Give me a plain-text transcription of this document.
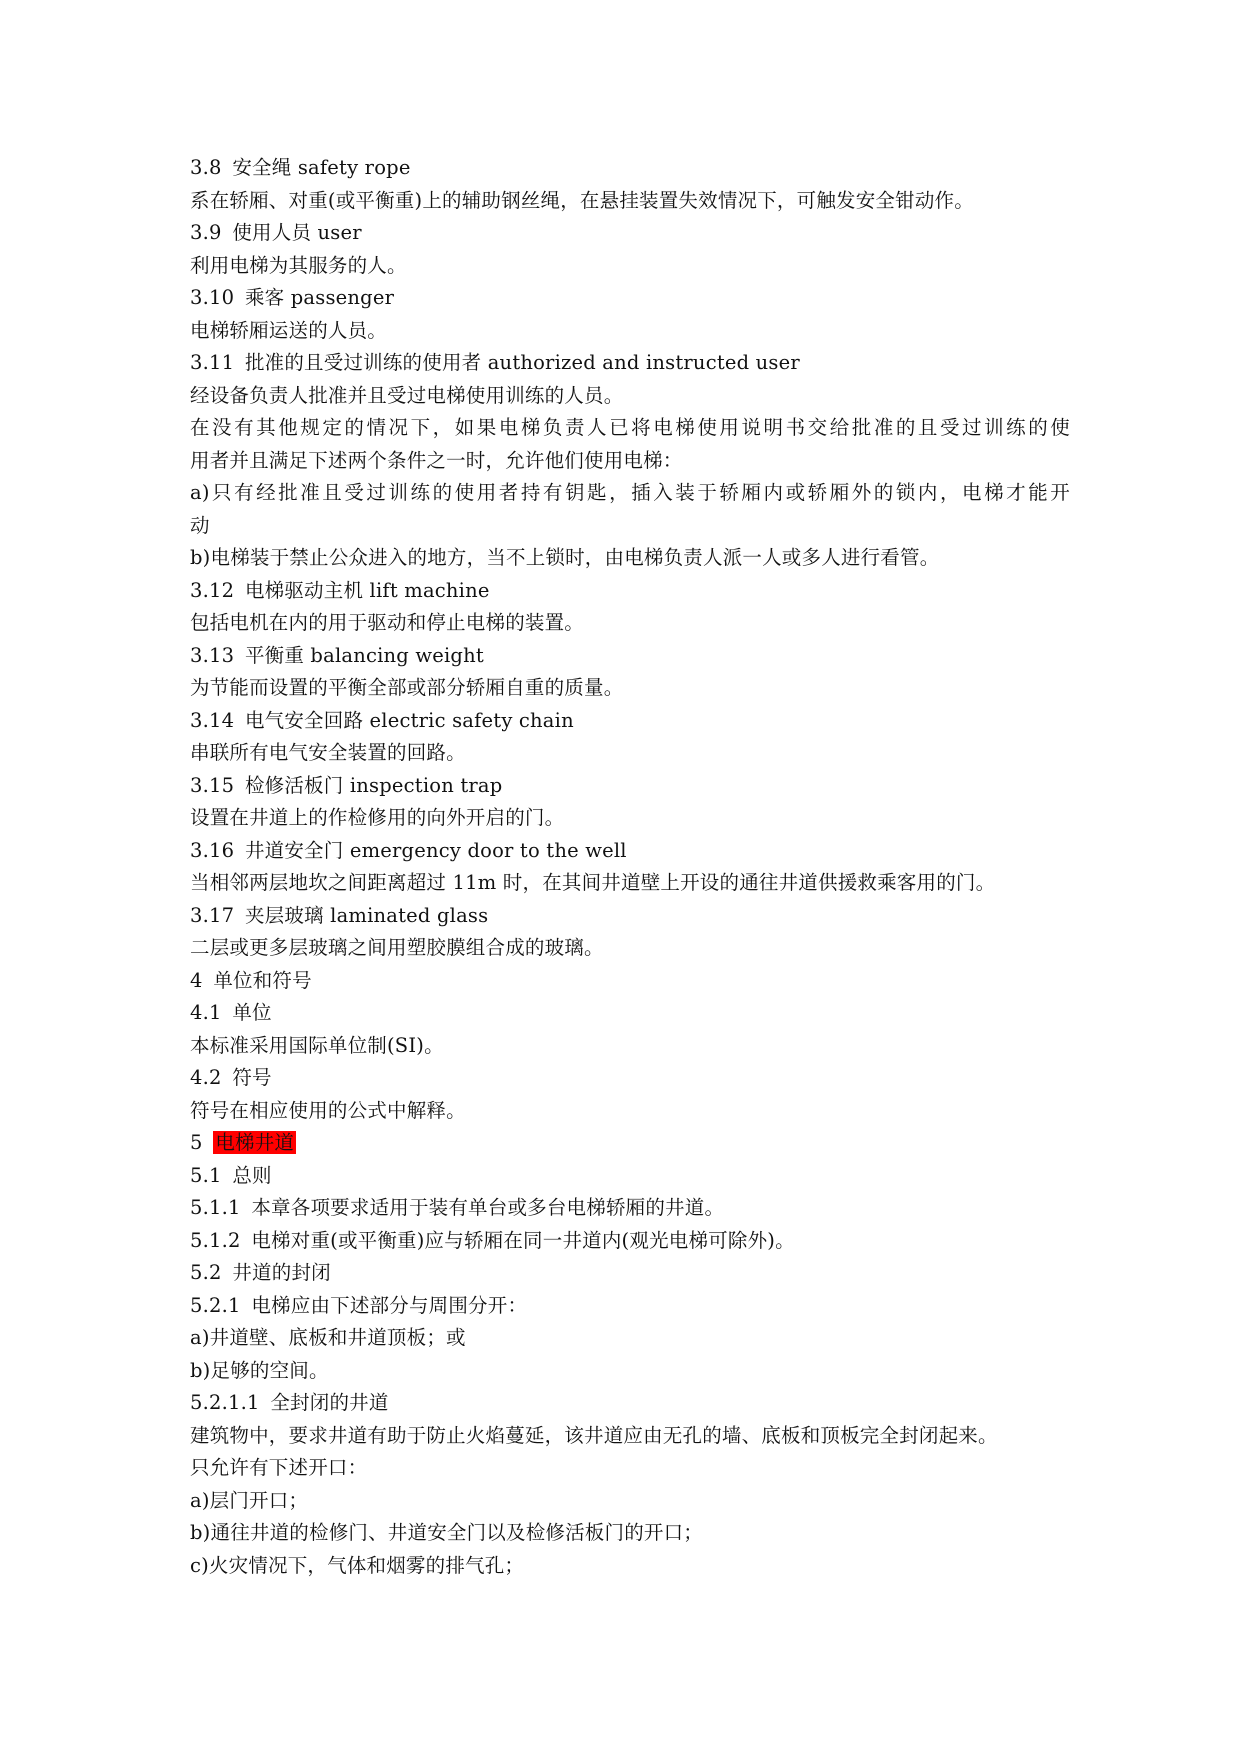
3.8 安全绳 safety rope
系在轿厢、对重(或平衡重)上的辅助钢丝绳，在悬挂装置失效情况下，可触发安全钳动作。
3.9 使用人员 user
利用电梯为其服务的人。
3.10 乘客 passenger
电梯轿厢运送的人员。
3.11 批准的且受过训练的使用者 authorized and instructed user
经设备负责人批准并且受过电梯使用训练的人员。
在没有其他规定的情况下，如果电梯负责人已将电梯使用说明书交给批准的且受过训练的使
用者并且满足下述两个条件之一时，允许他们使用电梯：
a)只有经批准且受过训练的使用者持有钥匙，插入装于轿厢内或轿厢外的锁内，电梯才能开
动
b)电梯装于禁止公众进入的地方，当不上锁时，由电梯负责人派一人或多人进行看管。
3.12 电梯驱动主机 lift machine
包括电机在内的用于驱动和停止电梯的装置。
3.13 平衡重 balancing weight
为节能而设置的平衡全部或部分轿厢自重的质量。
3.14 电气安全回路 electric safety chain
串联所有电气安全装置的回路。
3.15 检修活板门 inspection trap
设置在井道上的作检修用的向外开启的门。
3.16 井道安全门 emergency door to the well
当相邻两层地坎之间距离超过 11m 时，在其间井道壁上开设的通往井道供援救乘客用的门。
3.17 夹层玻璃 laminated glass
二层或更多层玻璃之间用塑胶膜组合成的玻璃。
4 单位和符号
4.1 单位
本标准采用国际单位制(SI)。
4.2 符号
符号在相应使用的公式中解释。
5 电梯井道
5.1 总则
5.1.1 本章各项要求适用于装有单台或多台电梯轿厢的井道。
5.1.2 电梯对重(或平衡重)应与轿厢在同一井道内(观光电梯可除外)。
5.2 井道的封闭
5.2.1 电梯应由下述部分与周围分开：
a)井道壁、底板和井道顶板；或
b)足够的空间。
5.2.1.1 全封闭的井道
建筑物中，要求井道有助于防止火焰蔓延，该井道应由无孔的墙、底板和顶板完全封闭起来。
只允许有下述开口：
a)层门开口；
b)通往井道的检修门、井道安全门以及检修活板门的开口；
c)火灾情况下，气体和烟雾的排气孔；
